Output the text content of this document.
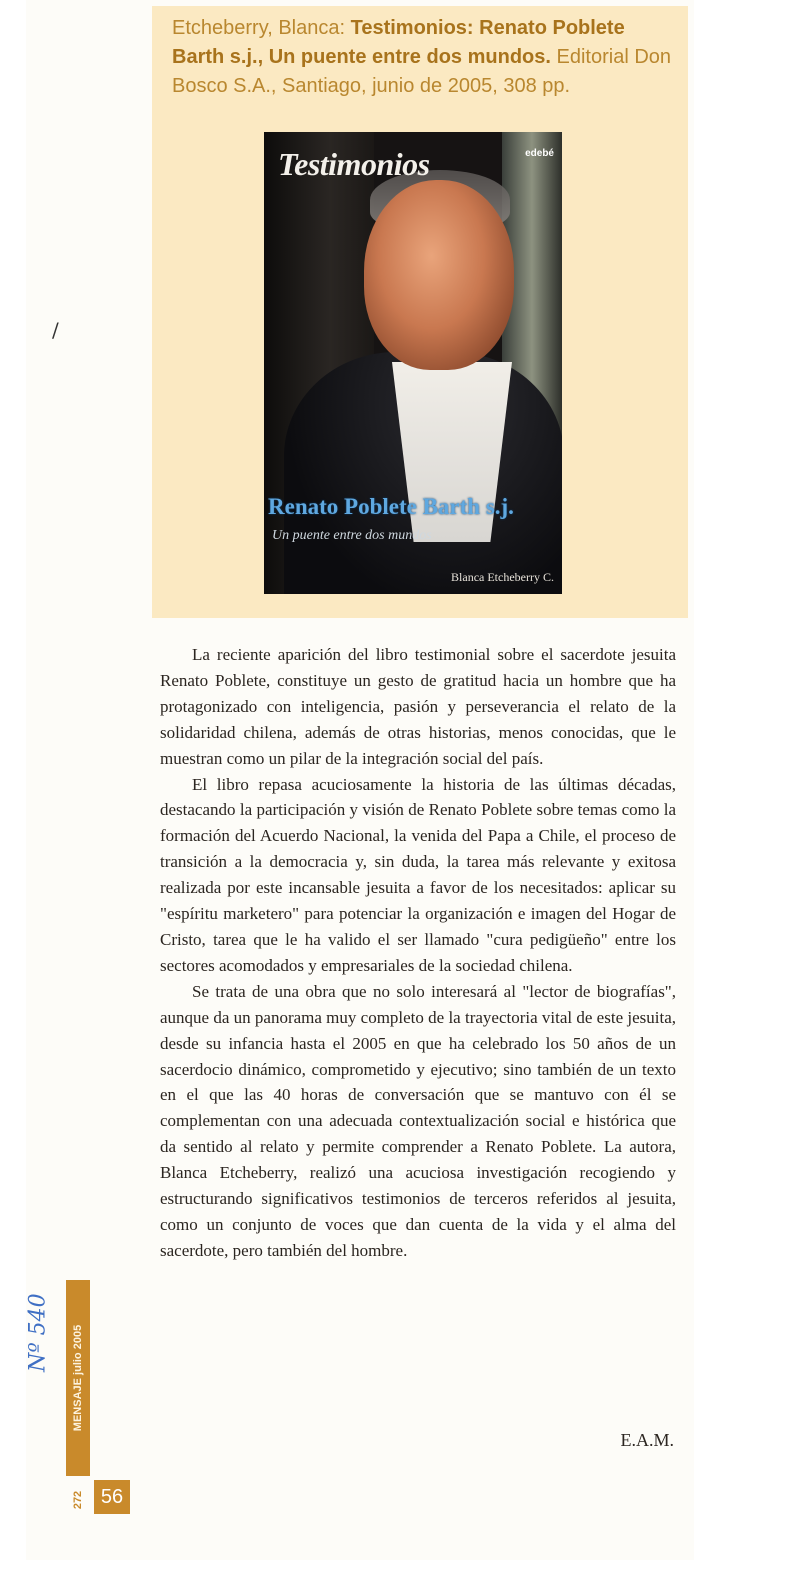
Etcheberry, Blanca: Testimonios: Renato Poblete Barth s.j., Un puente entre dos mundos. Editorial Don Bosco S.A., Santiago, junio de 2005, 308 pp.
Testimonios	edebé
Renato Poblete Barth s.j.
Un puente entre dos mundos
Blanca Etcheberry C.

La reciente aparición del libro testimonial sobre el sacerdote jesuita Renato Poblete, constituye un gesto de gratitud hacia un hombre que ha protagonizado con inteligencia, pasión y perseverancia el relato de la solidaridad chilena, además de otras historias, menos conocidas, que le muestran como un pilar de la integración social del país.

El libro repasa acuciosamente la historia de las últimas décadas, destacando la participación y visión de Renato Poblete sobre temas como la formación del Acuerdo Nacional, la venida del Papa a Chile, el proceso de transición a la democracia y, sin duda, la tarea más relevante y exitosa realizada por este incansable jesuita a favor de los necesitados: aplicar su "espíritu marketero" para potenciar la organización e imagen del Hogar de Cristo, tarea que le ha valido el ser llamado "cura pedigüeño" entre los sectores acomodados y empresariales de la sociedad chilena.

Se trata de una obra que no solo interesará al "lector de biografías", aunque da un panorama muy completo de la trayectoria vital de este jesuita, desde su infancia hasta el 2005 en que ha celebrado los 50 años de un sacerdocio dinámico, comprometido y ejecutivo; sino también de un texto en el que las 40 horas de conversación que se mantuvo con él se complementan con una adecuada contextualización social e histórica que da sentido al relato y permite comprender a Renato Poblete. La autora, Blanca Etcheberry, realizó una acuciosa investigación recogiendo y estructurando significativos testimonios de terceros referidos al jesuita, como un conjunto de voces que dan cuenta de la vida y el alma del sacerdote, pero también del hombre.

E.A.M.
MENSAJE julio 2005
272 56
Nº 540
/
